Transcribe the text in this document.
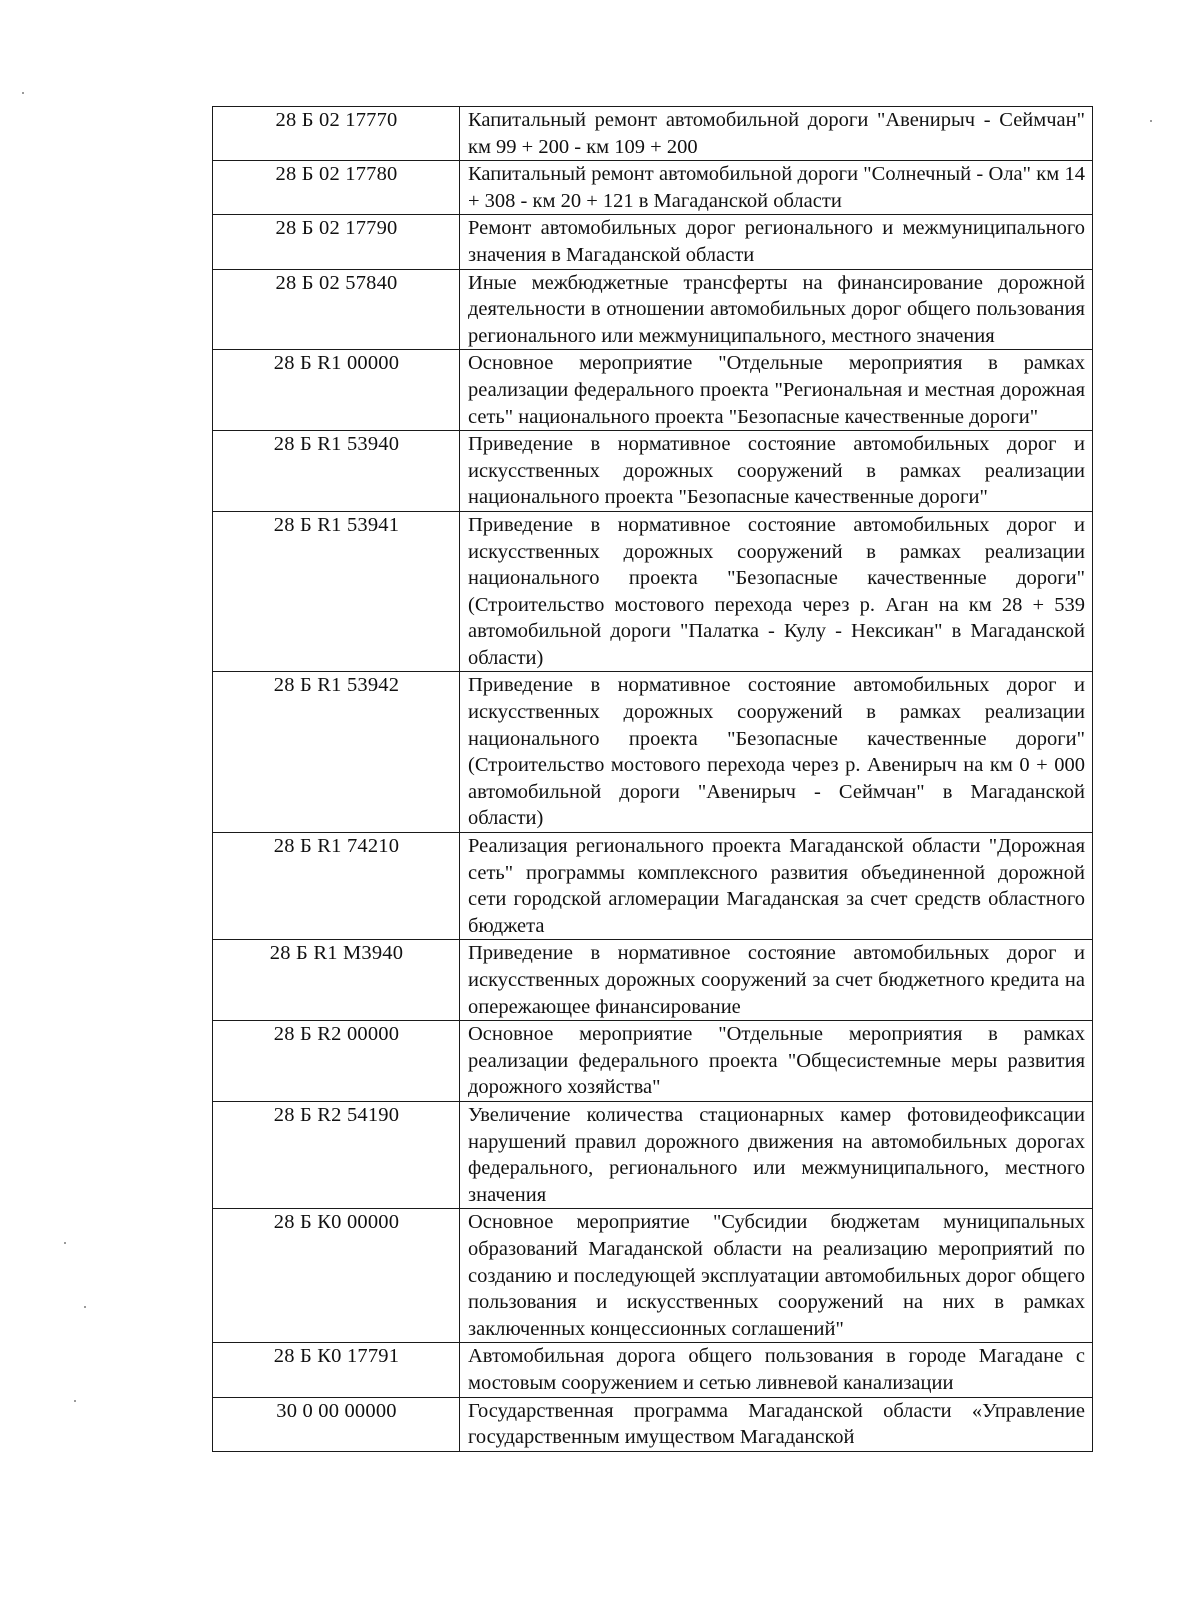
28 Б 02 17770	Капитальный ремонт автомобильной дороги "Авенирыч - Сеймчан" км 99 + 200 - км 109 + 200
28 Б 02 17780	Капитальный ремонт автомобильной дороги "Солнечный - Ола" км 14 + 308 - км 20 + 121 в Магаданской области
28 Б 02 17790	Ремонт автомобильных дорог регионального и межмуниципального значения в Магаданской области
28 Б 02 57840	Иные межбюджетные трансферты на финансирование дорожной деятельности в отношении автомобильных дорог общего пользования регионального или межмуниципального, местного значения
28 Б R1 00000	Основное мероприятие "Отдельные мероприятия в рамках реализации федерального проекта "Региональная и местная дорожная сеть" национального проекта "Безопасные качественные дороги"
28 Б R1 53940	Приведение в нормативное состояние автомобильных дорог и искусственных дорожных сооружений в рамках реализации национального проекта "Безопасные качественные дороги"
28 Б R1 53941	Приведение в нормативное состояние автомобильных дорог и искусственных дорожных сооружений в рамках реализации национального проекта "Безопасные качественные дороги" (Строительство мостового перехода через р. Аган на км 28 + 539 автомобильной дороги "Палатка - Кулу - Нексикан" в Магаданской области)
28 Б R1 53942	Приведение в нормативное состояние автомобильных дорог и искусственных дорожных сооружений в рамках реализации национального проекта "Безопасные качественные дороги" (Строительство мостового перехода через р. Авенирыч на км 0 + 000 автомобильной дороги "Авенирыч - Сеймчан" в Магаданской области)
28 Б R1 74210	Реализация регионального проекта Магаданской области "Дорожная сеть" программы комплексного развития объединенной дорожной сети городской агломерации Магаданская за счет средств областного бюджета
28 Б R1 M3940	Приведение в нормативное состояние автомобильных дорог и искусственных дорожных сооружений за счет бюджетного кредита на опережающее финансирование
28 Б R2 00000	Основное мероприятие "Отдельные мероприятия в рамках реализации федерального проекта "Общесистемные меры развития дорожного хозяйства"
28 Б R2 54190	Увеличение количества стационарных камер фотовидеофиксации нарушений правил дорожного движения на автомобильных дорогах федерального, регионального или межмуниципального, местного значения
28 Б К0 00000	Основное мероприятие "Субсидии бюджетам муниципальных образований Магаданской области на реализацию мероприятий по созданию и последующей эксплуатации автомобильных дорог общего пользования и искусственных сооружений на них в рамках заключенных концессионных соглашений"
28 Б К0 17791	Автомобильная дорога общего пользования в городе Магадане с мостовым сооружением и сетью ливневой канализации
30 0 00 00000	Государственная программа Магаданской области «Управление государственным имуществом Магаданской
